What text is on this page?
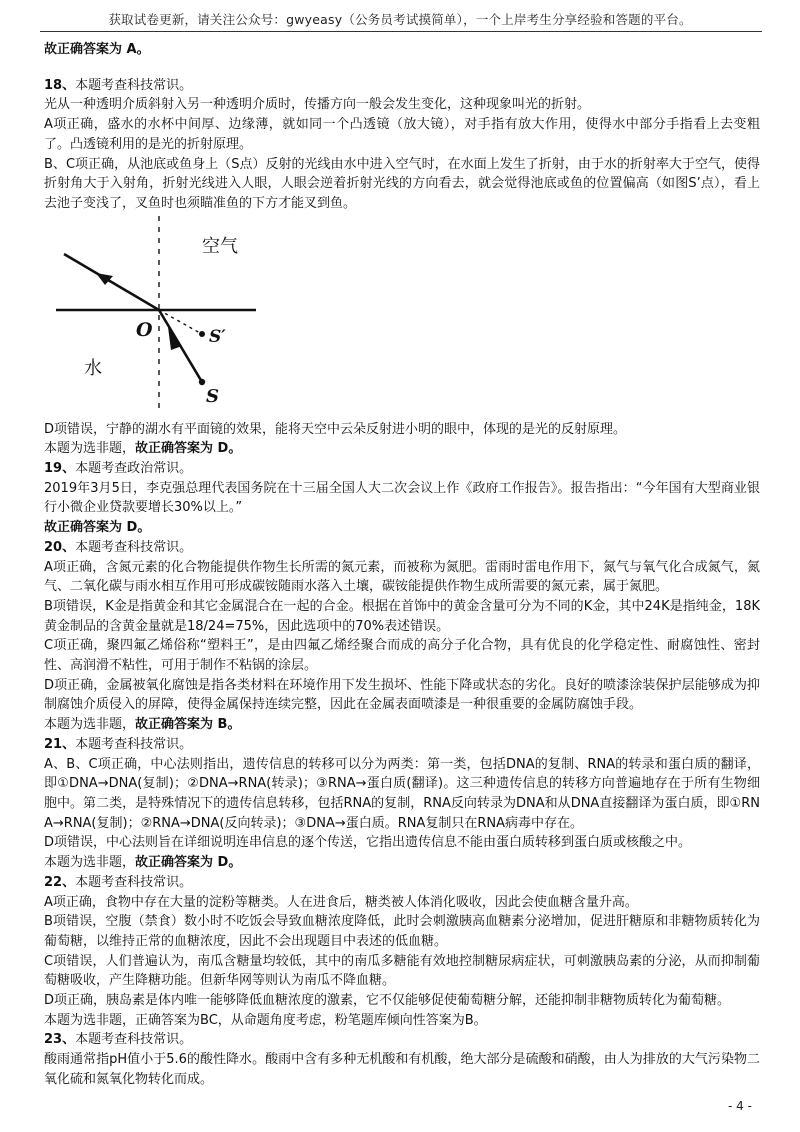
获取试卷更新，请关注公众号：gwyeasy（公务员考试摸简单），一个上岸考生分享经验和答题的平台。

故正确答案为 A。

18、本题考查科技常识。

光从一种透明介质斜射入另一种透明介质时，传播方向一般会发生变化，这种现象叫光的折射。

A项正确，盛水的水杯中间厚、边缘薄，就如同一个凸透镜（放大镜），对手指有放大作用，使得水中部分手指看上去变粗了。凸透镜利用的是光的折射原理。

B、C项正确，从池底或鱼身上（S点）反射的光线由水中进入空气时，在水面上发生了折射，由于水的折射率大于空气，使得折射角大于入射角，折射光线进入人眼，人眼会逆着折射光线的方向看去，就会觉得池底或鱼的位置偏高（如图S’点），看上去池子变浅了，叉鱼时也须瞄准鱼的下方才能叉到鱼。

空气
水
O	S′
S

D项错误，宁静的湖水有平面镜的效果，能将天空中云朵反射进小明的眼中，体现的是光的反射原理。

本题为选非题，故正确答案为 D。

19、本题考查政治常识。

2019年3月5日，李克强总理代表国务院在十三届全国人大二次会议上作《政府工作报告》。报告指出：“今年国有大型商业银行小微企业贷款要增长30%以上。”

故正确答案为 D。

20、本题考查科技常识。

A项正确，含氮元素的化合物能提供作物生长所需的氮元素，而被称为氮肥。雷雨时雷电作用下，氮气与氧气化合成氮气，氮气、二氧化碳与雨水相互作用可形成碳铵随雨水落入土壤，碳铵能提供作物生成所需要的氮元素，属于氮肥。

B项错误，K金是指黄金和其它金属混合在一起的合金。根据在首饰中的黄金含量可分为不同的K金，其中24K是指纯金，18K黄金制品的含黄金量就是18/24=75%，因此选项中的70%表述错误。

C项正确，聚四氟乙烯俗称“塑料王”，是由四氟乙烯经聚合而成的高分子化合物，具有优良的化学稳定性、耐腐蚀性、密封性、高润滑不粘性，可用于制作不粘锅的涂层。

D项正确，金属被氧化腐蚀是指各类材料在环境作用下发生损坏、性能下降或状态的劣化。良好的喷漆涂装保护层能够成为抑制腐蚀介质侵入的屏障，使得金属保持连续完整，因此在金属表面喷漆是一种很重要的金属防腐蚀手段。

本题为选非题，故正确答案为 B。

21、本题考查科技常识。

A、B、C项正确，中心法则指出，遗传信息的转移可以分为两类：第一类，包括DNA的复制、RNA的转录和蛋白质的翻译，即①DNA→DNA(复制)；②DNA→RNA(转录)；③RNA→蛋白质(翻译)。这三种遗传信息的转移方向普遍地存在于所有生物细胞中。第二类，是特殊情况下的遗传信息转移，包括RNA的复制，RNA反向转录为DNA和从DNA直接翻译为蛋白质，即①RNA→RNA(复制)；②RNA→DNA(反向转录)；③DNA→蛋白质。RNA复制只在RNA病毒中存在。

D项错误，中心法则旨在详细说明连串信息的逐个传送，它指出遗传信息不能由蛋白质转移到蛋白质或核酸之中。

本题为选非题，故正确答案为 D。

22、本题考查科技常识。

A项正确，食物中存在大量的淀粉等糖类。人在进食后，糖类被人体消化吸收，因此会使血糖含量升高。

B项错误，空腹（禁食）数小时不吃饭会导致血糖浓度降低，此时会刺激胰高血糖素分泌增加，促进肝糖原和非糖物质转化为葡萄糖，以维持正常的血糖浓度，因此不会出现题目中表述的低血糖。

C项错误，人们普遍认为，南瓜含糖量均较低，其中的南瓜多糖能有效地控制糖尿病症状，可刺激胰岛素的分泌，从而抑制葡萄糖吸收，产生降糖功能。但新华网等则认为南瓜不降血糖。

D项正确，胰岛素是体内唯一能够降低血糖浓度的激素，它不仅能够促使葡萄糖分解，还能抑制非糖物质转化为葡萄糖。

本题为选非题，正确答案为BC，从命题角度考虑，粉笔题库倾向性答案为B。

23、本题考查科技常识。

酸雨通常指pH值小于5.6的酸性降水。酸雨中含有多种无机酸和有机酸，绝大部分是硫酸和硝酸，由人为排放的大气污染物二氧化硫和氮氧化物转化而成。

- 4 -
